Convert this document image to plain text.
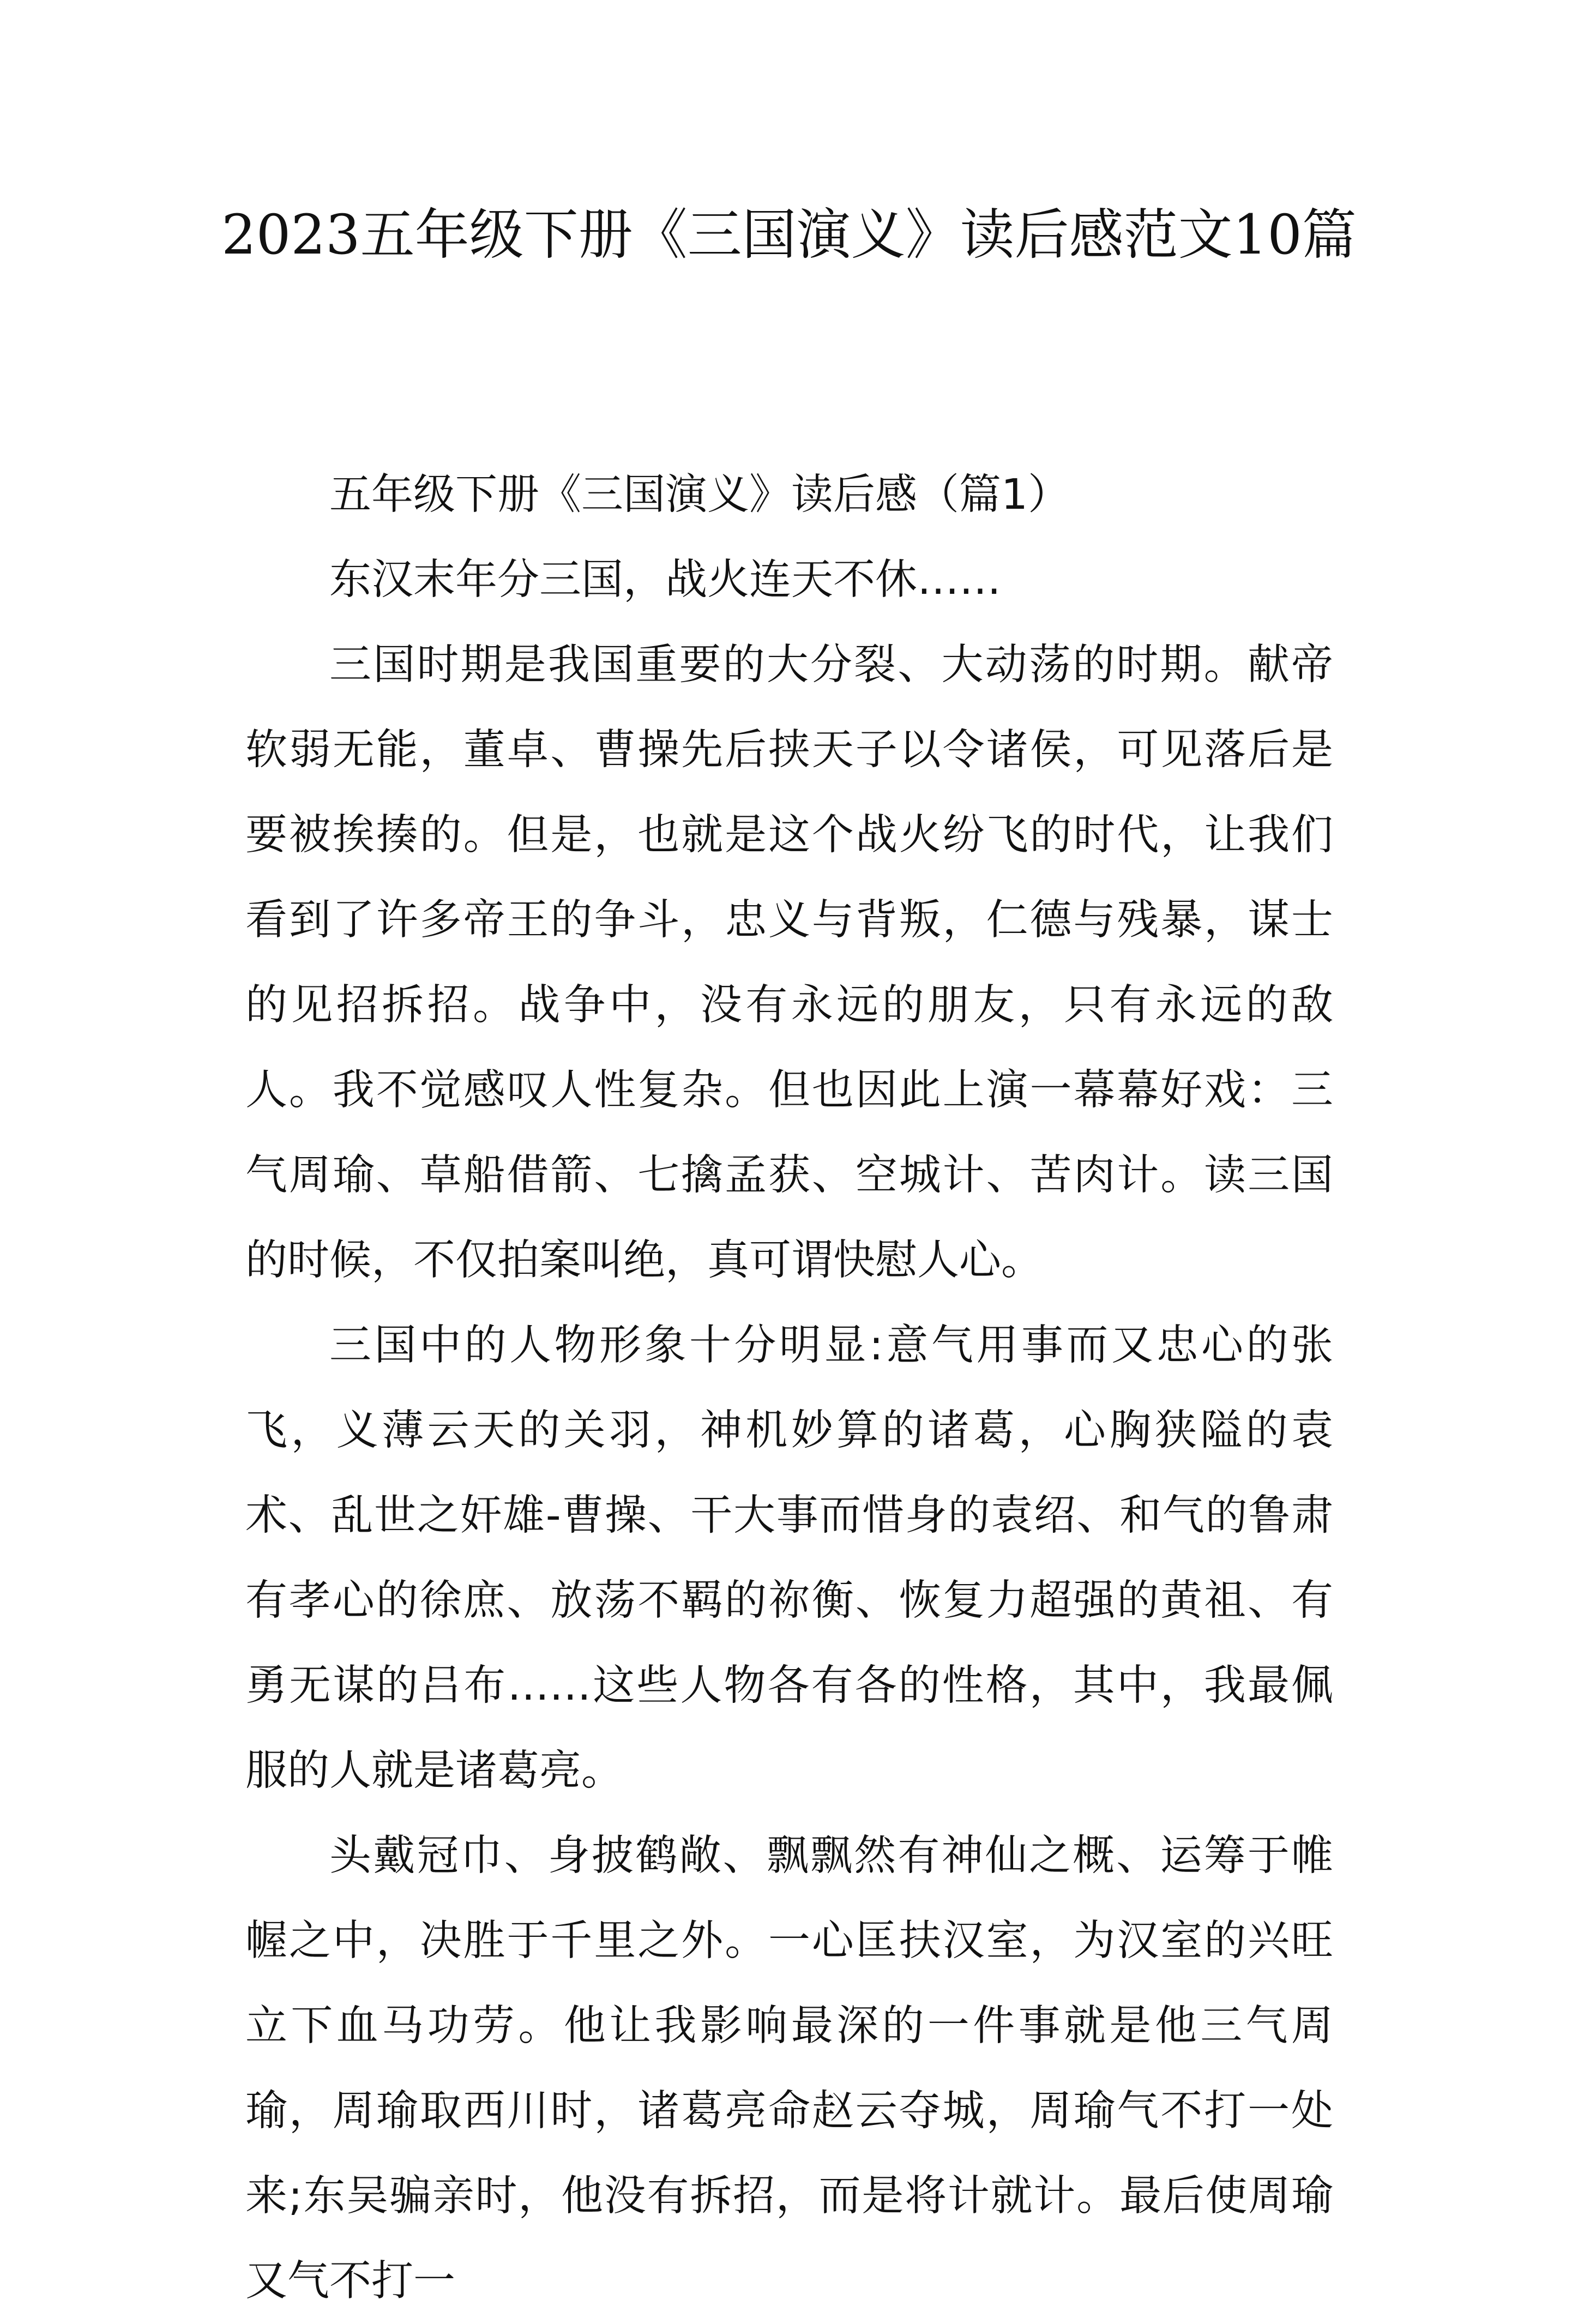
2023五年级下册《三国演义》读后感范文10篇

五年级下册《三国演义》读后感（篇1）

东汉末年分三国，战火连天不休……

三国时期是我国重要的大分裂、大动荡的时期。献帝软弱无能，董卓、曹操先后挟天子以令诸侯，可见落后是要被挨揍的。但是，也就是这个战火纷飞的时代，让我们看到了许多帝王的争斗，忠义与背叛，仁德与残暴，谋士的见招拆招。战争中，没有永远的朋友，只有永远的敌人。我不觉感叹人性复杂。但也因此上演一幕幕好戏：三气周瑜、草船借箭、七擒孟获、空城计、苦肉计。读三国的时候，不仅拍案叫绝，真可谓快慰人心。

三国中的人物形象十分明显:意气用事而又忠心的张飞，义薄云天的关羽，神机妙算的诸葛，心胸狭隘的袁术、乱世之奸雄-曹操、干大事而惜身的袁绍、和气的鲁肃有孝心的徐庶、放荡不羁的祢衡、恢复力超强的黄祖、有勇无谋的吕布……这些人物各有各的性格，其中，我最佩服的人就是诸葛亮。

头戴冠巾、身披鹤敞、飘飘然有神仙之概、运筹于帷幄之中，决胜于千里之外。一心匡扶汉室，为汉室的兴旺立下血马功劳。他让我影响最深的一件事就是他三气周瑜，周瑜取西川时，诸葛亮命赵云夺城，周瑜气不打一处来;东吴骗亲时，他没有拆招，而是将计就计。最后使周瑜又气不打一
